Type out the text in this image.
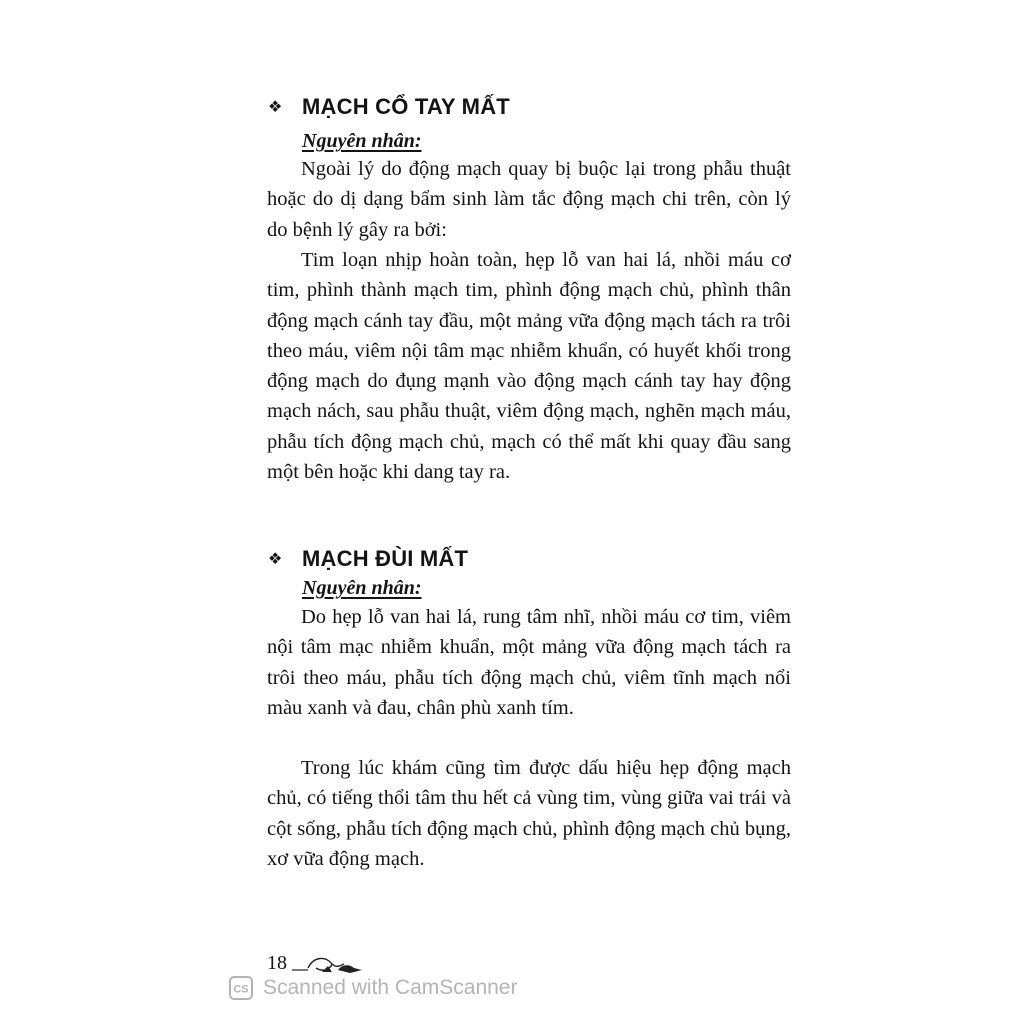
❖ MẠCH CỔ TAY MẤT
Nguyên nhân:

Ngoài lý do động mạch quay bị buộc lại trong phẫu thuật hoặc do dị dạng bẩm sinh làm tắc động mạch chi trên, còn lý do bệnh lý gây ra bởi:

Tim loạn nhịp hoàn toàn, hẹp lỗ van hai lá, nhồi máu cơ tim, phình thành mạch tim, phình động mạch chủ, phình thân động mạch cánh tay đầu, một mảng vữa động mạch tách ra trôi theo máu, viêm nội tâm mạc nhiễm khuẩn, có huyết khối trong động mạch do đụng mạnh vào động mạch cánh tay hay động mạch nách, sau phẫu thuật, viêm động mạch, nghẽn mạch máu, phẫu tích động mạch chủ, mạch có thể mất khi quay đầu sang một bên hoặc khi dang tay ra.

❖ MẠCH ĐÙI MẤT
Nguyên nhân:

Do hẹp lỗ van hai lá, rung tâm nhĩ, nhồi máu cơ tim, viêm nội tâm mạc nhiễm khuẩn, một mảng vữa động mạch tách ra trôi theo máu, phẫu tích động mạch chủ, viêm tĩnh mạch nổi màu xanh và đau, chân phù xanh tím.

Trong lúc khám cũng tìm được dấu hiệu hẹp động mạch chủ, có tiếng thổi tâm thu hết cả vùng tim, vùng giữa vai trái và cột sống, phẫu tích động mạch chủ, phình động mạch chủ bụng, xơ vữa động mạch.

18
CS Scanned with CamScanner
